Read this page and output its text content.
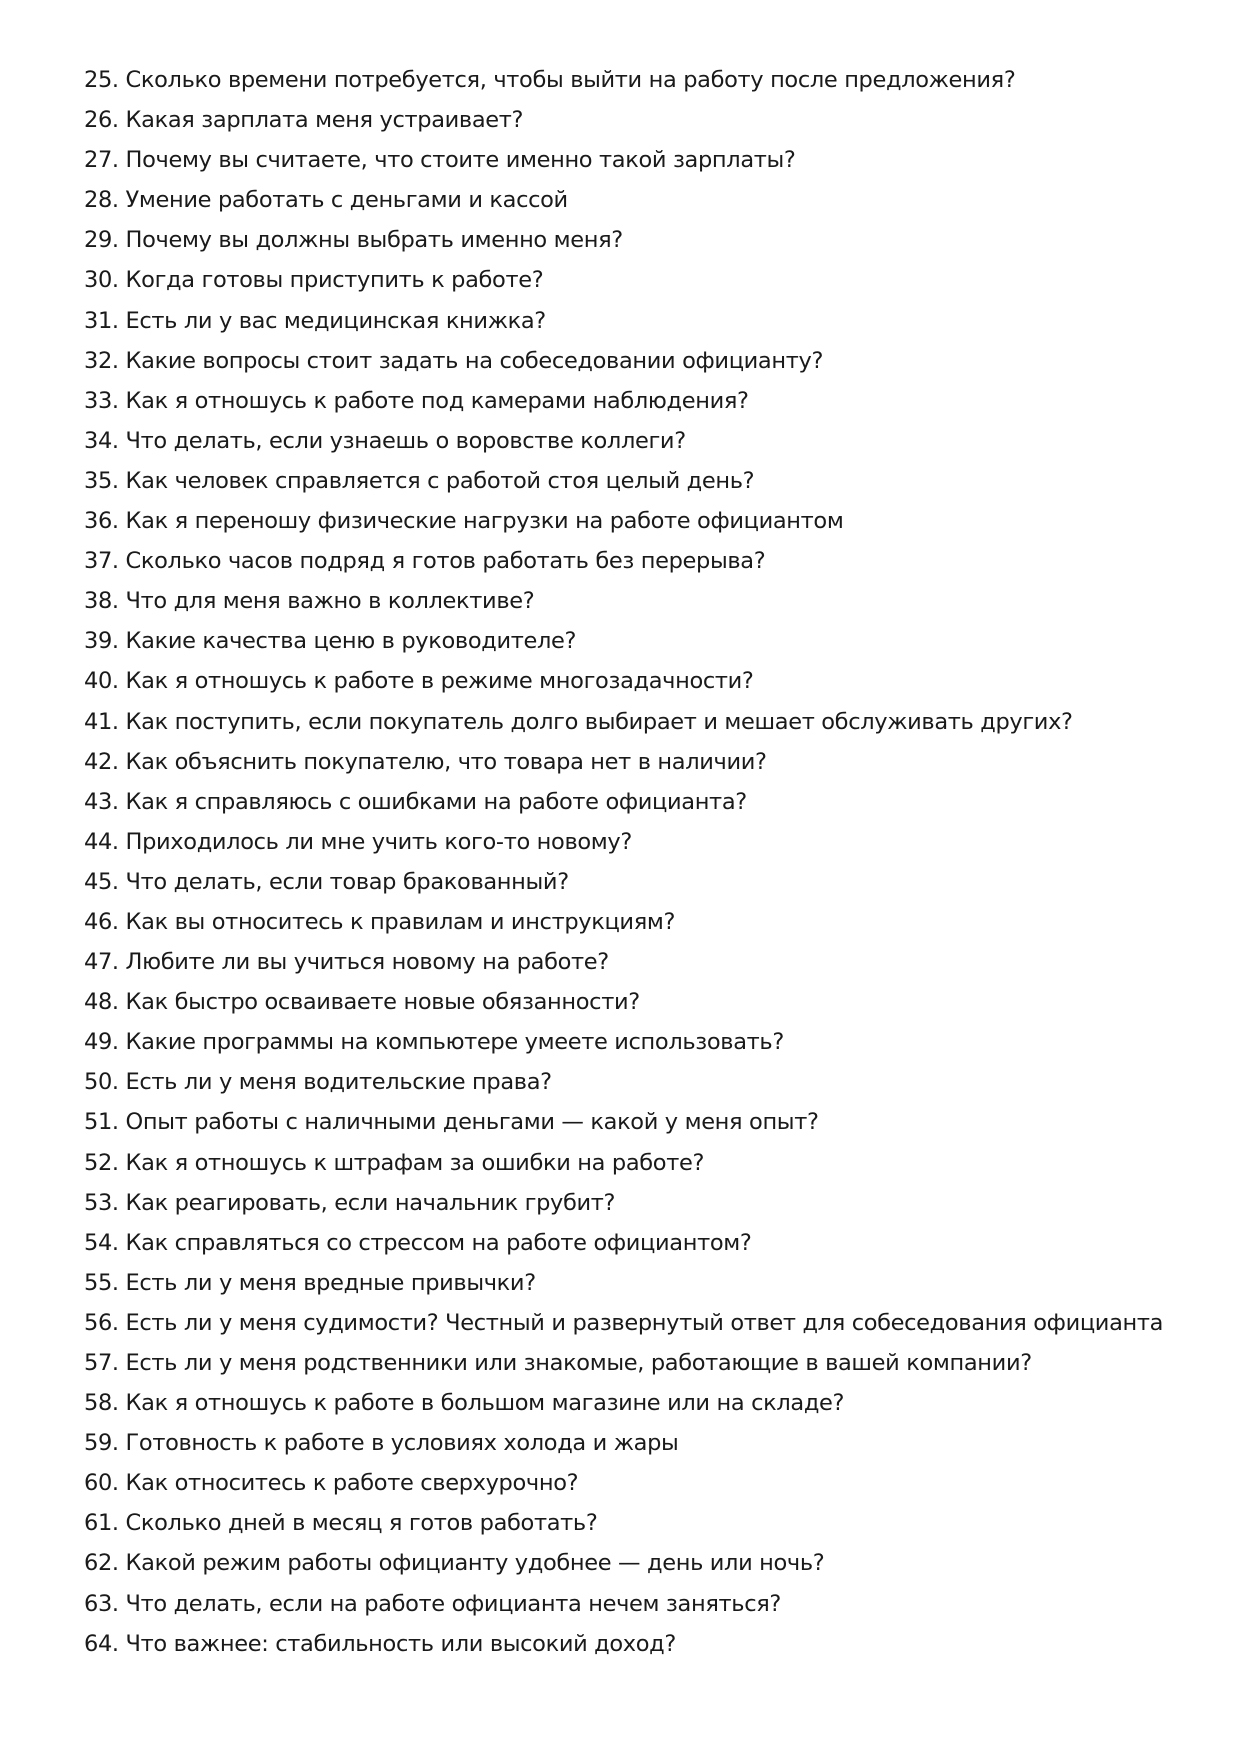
25. Сколько времени потребуется, чтобы выйти на работу после предложения?
26. Какая зарплата меня устраивает?
27. Почему вы считаете, что стоите именно такой зарплаты?
28. Умение работать с деньгами и кассой
29. Почему вы должны выбрать именно меня?
30. Когда готовы приступить к работе?
31. Есть ли у вас медицинская книжка?
32. Какие вопросы стоит задать на собеседовании официанту?
33. Как я отношусь к работе под камерами наблюдения?
34. Что делать, если узнаешь о воровстве коллеги?
35. Как человек справляется с работой стоя целый день?
36. Как я переношу физические нагрузки на работе официантом
37. Сколько часов подряд я готов работать без перерыва?
38. Что для меня важно в коллективе?
39. Какие качества ценю в руководителе?
40. Как я отношусь к работе в режиме многозадачности?
41. Как поступить, если покупатель долго выбирает и мешает обслуживать других?
42. Как объяснить покупателю, что товара нет в наличии?
43. Как я справляюсь с ошибками на работе официанта?
44. Приходилось ли мне учить кого-то новому?
45. Что делать, если товар бракованный?
46. Как вы относитесь к правилам и инструкциям?
47. Любите ли вы учиться новому на работе?
48. Как быстро осваиваете новые обязанности?
49. Какие программы на компьютере умеете использовать?
50. Есть ли у меня водительские права?
51. Опыт работы с наличными деньгами — какой у меня опыт?
52. Как я отношусь к штрафам за ошибки на работе?
53. Как реагировать, если начальник грубит?
54. Как справляться со стрессом на работе официантом?
55. Есть ли у меня вредные привычки?
56. Есть ли у меня судимости? Честный и развернутый ответ для собеседования официанта
57. Есть ли у меня родственники или знакомые, работающие в вашей компании?
58. Как я отношусь к работе в большом магазине или на складе?
59. Готовность к работе в условиях холода и жары
60. Как относитесь к работе сверхурочно?
61. Сколько дней в месяц я готов работать?
62. Какой режим работы официанту удобнее — день или ночь?
63. Что делать, если на работе официанта нечем заняться?
64. Что важнее: стабильность или высокий доход?
